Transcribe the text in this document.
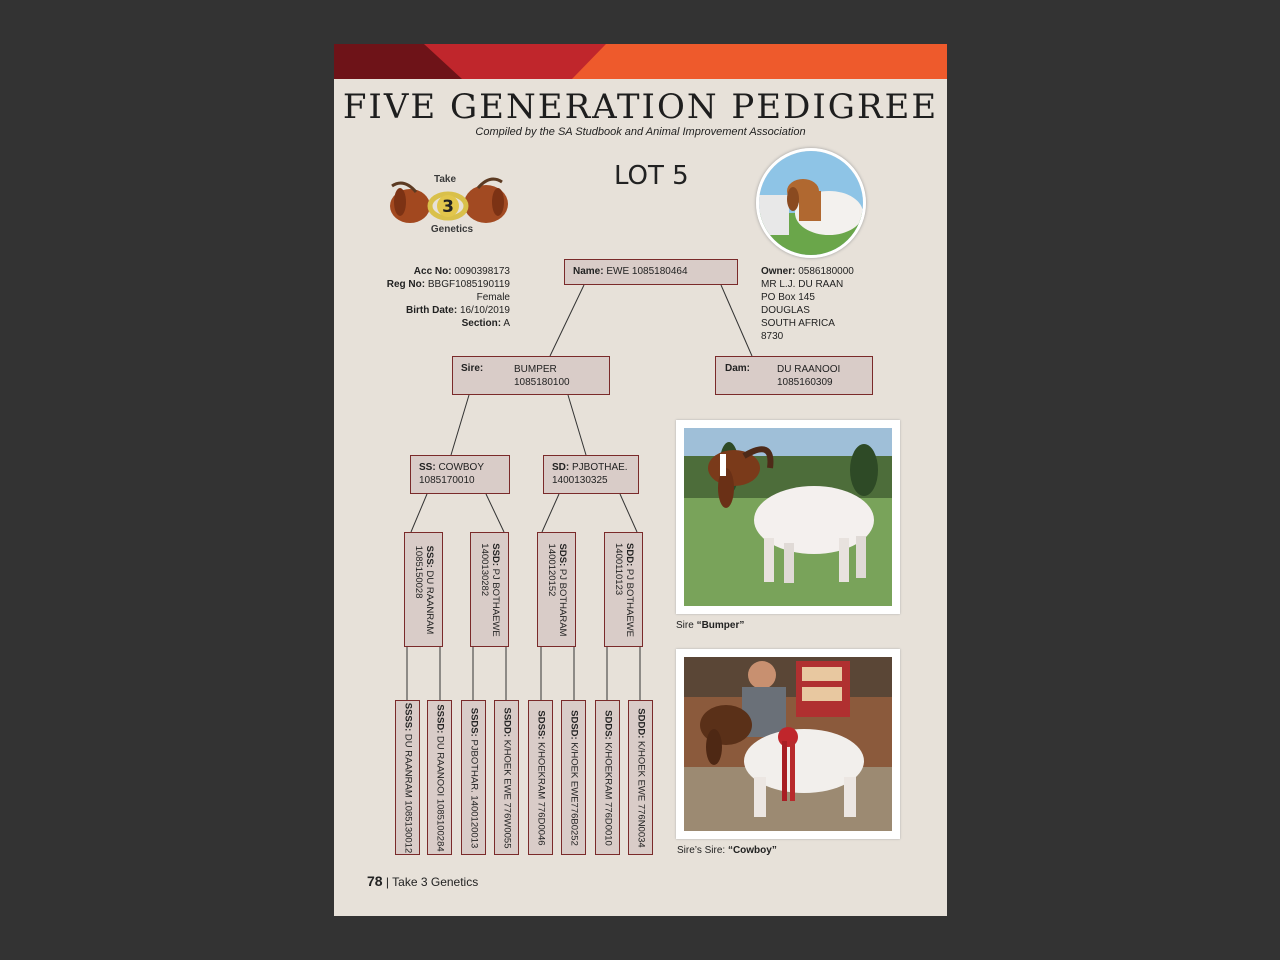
FIVE GENERATION PEDIGREE
Compiled by the SA Studbook and Animal Improvement Association
LOT 5
3
Take
Genetics
Acc No: 0090398173
Reg No: BBGF1085190119
Female
Birth Date: 16/10/2019
Section: A
Owner: 0586180000
MR L.J. DU RAAN
PO Box 145
DOUGLAS
SOUTH AFRICA
8730
Name: EWE 1085180464
Sire:	BUMPER
1085180100
Dam:	DU RAANOOI
1085160309
SS: COWBOY
1085170010
SD: PJBOTHAE.
1400130325
SSS: DU RAANRAM
1085150028	SSD: PJ BOTHAEWE
1400130282	SDS: PJ BOTHARAM
1400120152	SDD: PJ BOTHAEWE
1400110123
SSSS: DU RAANRAM 1085130012
SSSD: DU RAANOOI 1085100284
SSDS: PJBOTHAR. 1400120013
SSDD: K/HOEK EWE 776W0055
SDSS: K/HOEKRAM 776D0046
SDSD: K/HOEK EWE776B0252
SDDS: K/HOEKRAM 776D0010
SDDD: K/HOEK EWE 776N0034
Sire “Bumper”
Sire’s Sire: “Cowboy”
78 | Take 3 Genetics
